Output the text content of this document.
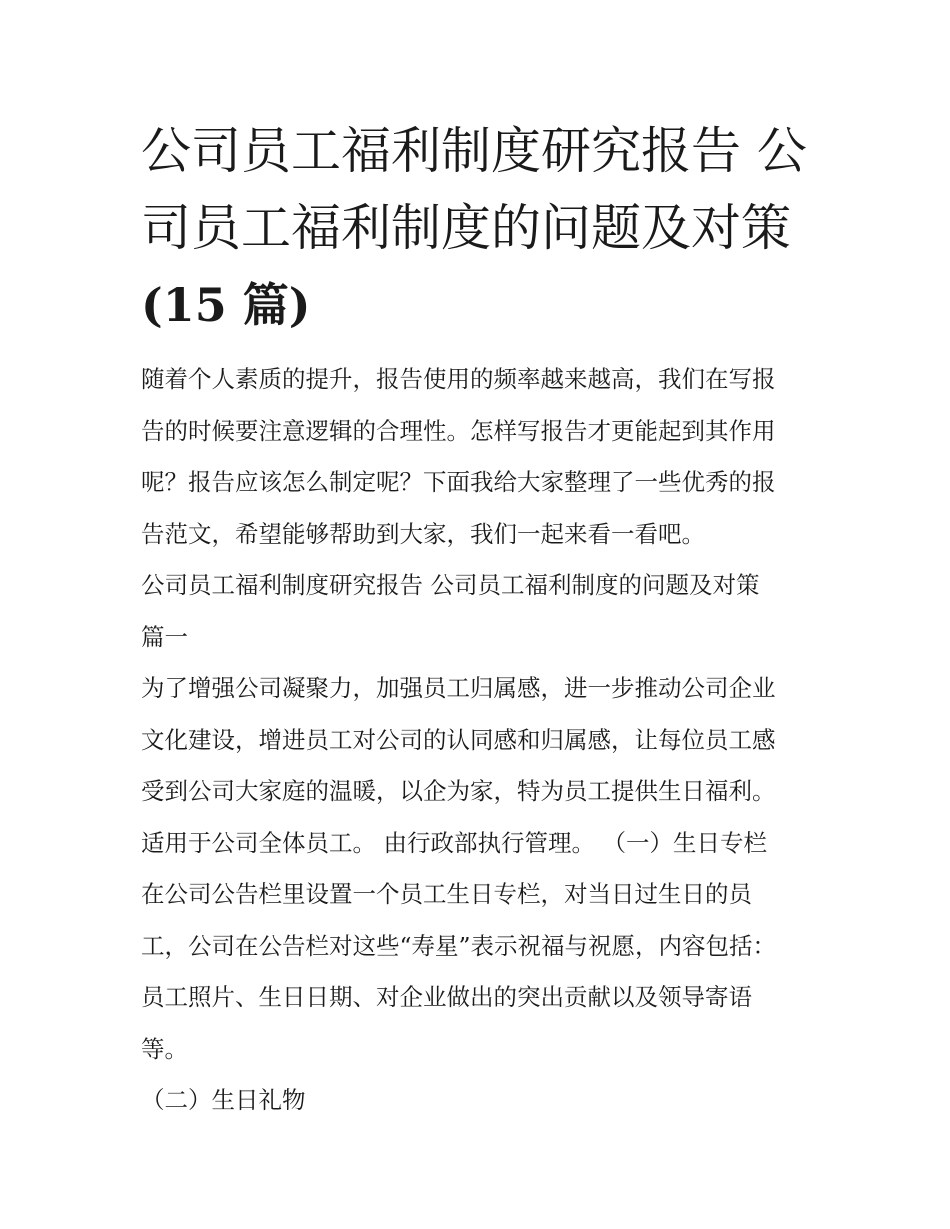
公司员工福利制度研究报告 公
司员工福利制度的问题及对策
(15 篇)
随着个人素质的提升，报告使用的频率越来越高，我们在写报
告的时候要注意逻辑的合理性。怎样写报告才更能起到其作用
呢？报告应该怎么制定呢？下面我给大家整理了一些优秀的报
告范文，希望能够帮助到大家，我们一起来看一看吧。
公司员工福利制度研究报告 公司员工福利制度的问题及对策
篇一
为了增强公司凝聚力，加强员工归属感，进一步推动公司企业
文化建设，增进员工对公司的认同感和归属感，让每位员工感
受到公司大家庭的温暖，以企为家，特为员工提供生日福利。
适用于公司全体员工。 由行政部执行管理。 （一）生日专栏
在公司公告栏里设置一个员工生日专栏，对当日过生日的员
工，公司在公告栏对这些“寿星”表示祝福与祝愿，内容包括：
员工照片、生日日期、对企业做出的突出贡献以及领导寄语
等。
（二）生日礼物
